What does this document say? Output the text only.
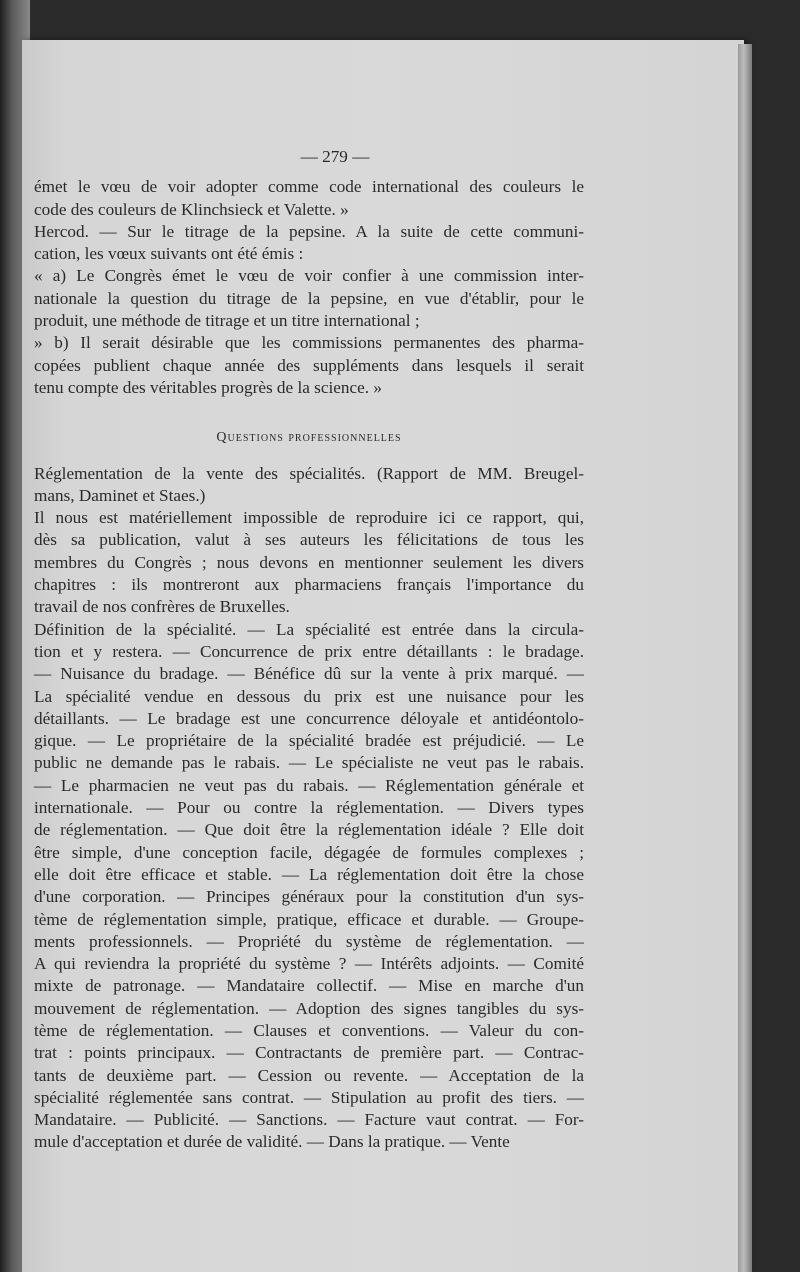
— 279 —
émet le vœu de voir adopter comme code international des couleurs le
code des couleurs de Klinchsieck et Valette. »
Hercod. — Sur le titrage de la pepsine. A la suite de cette communi-
cation, les vœux suivants ont été émis :
« a) Le Congrès émet le vœu de voir confier à une commission inter-
nationale la question du titrage de la pepsine, en vue d'établir, pour le
produit, une méthode de titrage et un titre international ;
» b) Il serait désirable que les commissions permanentes des pharma-
copées publient chaque année des suppléments dans lesquels il serait
tenu compte des véritables progrès de la science. »
Questions professionnelles
Réglementation de la vente des spécialités. (Rapport de MM. Breugel-
mans, Daminet et Staes.)
Il nous est matériellement impossible de reproduire ici ce rapport, qui,
dès sa publication, valut à ses auteurs les félicitations de tous les
membres du Congrès ; nous devons en mentionner seulement les divers
chapitres : ils montreront aux pharmaciens français l'importance du
travail de nos confrères de Bruxelles.
Définition de la spécialité. — La spécialité est entrée dans la circula-
tion et y restera. — Concurrence de prix entre détaillants : le bradage.
— Nuisance du bradage. — Bénéfice dû sur la vente à prix marqué. —
La spécialité vendue en dessous du prix est une nuisance pour les
détaillants. — Le bradage est une concurrence déloyale et antidéontolo-
gique. — Le propriétaire de la spécialité bradée est préjudicié. — Le
public ne demande pas le rabais. — Le spécialiste ne veut pas le rabais.
— Le pharmacien ne veut pas du rabais. — Réglementation générale et
internationale. — Pour ou contre la réglementation. — Divers types
de réglementation. — Que doit être la réglementation idéale ? Elle doit
être simple, d'une conception facile, dégagée de formules complexes ;
elle doit être efficace et stable. — La réglementation doit être la chose
d'une corporation. — Principes généraux pour la constitution d'un sys-
tème de réglementation simple, pratique, efficace et durable. — Groupe-
ments professionnels. — Propriété du système de réglementation. —
A qui reviendra la propriété du système ? — Intérêts adjoints. — Comité
mixte de patronage. — Mandataire collectif. — Mise en marche d'un
mouvement de réglementation. — Adoption des signes tangibles du sys-
tème de réglementation. — Clauses et conventions. — Valeur du con-
trat : points principaux. — Contractants de première part. — Contrac-
tants de deuxième part. — Cession ou revente. — Acceptation de la
spécialité réglementée sans contrat. — Stipulation au profit des tiers. —
Mandataire. — Publicité. — Sanctions. — Facture vaut contrat. — For-
mule d'acceptation et durée de validité. — Dans la pratique. — Vente
